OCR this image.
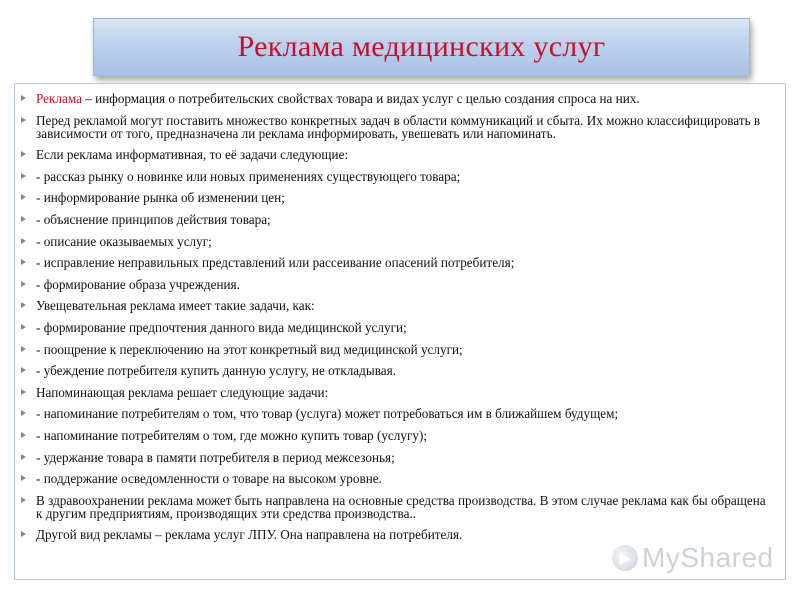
Реклама медицинских услуг
Реклама – информация о потребительских свойствах товара и видах услуг с целью создания спроса на них.
Перед рекламой могут поставить множество конкретных задач в области коммуникаций и сбыта. Их можно классифицировать в зависимости от того, предназначена ли реклама информировать, увешевать или напоминать.
Если реклама информативная, то её задачи следующие:
- рассказ рынку о новинке или новых применениях существующего товара;
- информирование рынка об изменении цен;
- объяснение принципов действия товара;
- описание оказываемых услуг;
- исправление неправильных представлений или рассеивание опасений потребителя;
- формирование образа учреждения.
Увещевательная реклама имеет такие задачи, как:
- формирование предпочтения данного вида медицинской услуги;
- поощрение к переключению на этот конкретный вид медицинской услуги;
- убеждение потребителя купить данную услугу, не откладывая.
Напоминающая реклама решает следующие задачи:
- напоминание потребителям о том, что товар (услуга) может потребоваться им в ближайшем будущем;
- напоминание потребителям о том, где можно купить товар (услугу);
- удержание товара в памяти потребителя в период межсезонья;
- поддержание осведомленности о товаре на высоком уровне.
В здравоохранении реклама может быть направлена на основные средства производства. В этом случае реклама как бы обращена к другим предприятиям, производящих эти средства производства..
Другой вид рекламы – реклама услуг ЛПУ. Она направлена на потребителя.
▶ MyShared
